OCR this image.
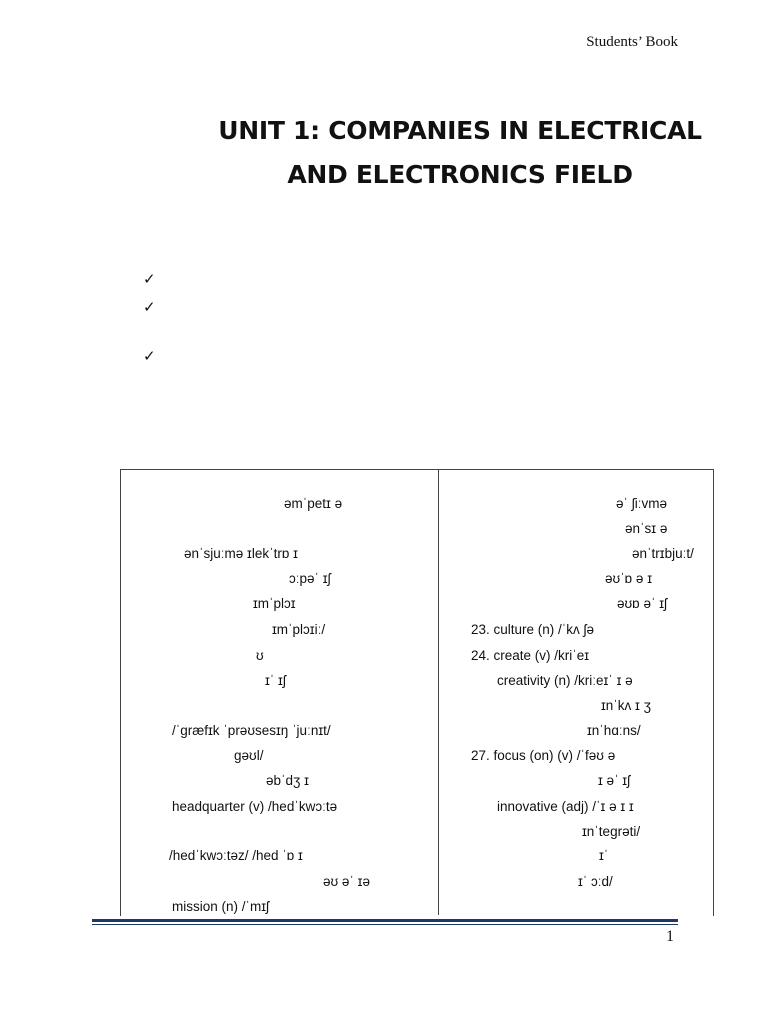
Students’ Book
UNIT 1: COMPANIES IN ELECTRICAL
AND ELECTRONICS FIELD
✓
✓
✓
əmˈpetɪ ə
ənˈsjuːmə ɪlekˈtrɒ ɪ
ɔːpəˈ ɪʃ
ɪmˈplɔɪ
ɪmˈplɔɪiː/
ʊ
ɪˈ ɪʃ
/ˈgræfɪk ˈprəʊsesɪŋ ˈjuːnɪt/
gəʊl/
əbˈdʒ ɪ
headquarter (v) /hedˈkwɔːtə
/hedˈkwɔːtəz/ /hed ˈɒ ɪ
əʊ əˈ ɪə
mission (n) /ˈmɪʃ
əˈ ʃiːvmə
ənˈsɪ ə
ənˈtrɪbjuːt/
əʊˈɒ ə ɪ
əʊɒ əˈ ɪʃ
23. culture (n) /ˈkʌ ʃə
24. create (v) /kriˈeɪ
creativity (n) /kriːeɪˈ ɪ ə
ɪnˈkʌ ɪ ʒ
ɪnˈhɑːns/
27. focus (on) (v) /ˈfəʊ ə
ɪ əˈ ɪʃ
innovative (adj) /ˈɪ ə ɪ ɪ
ɪnˈtegrəti/
ɪˈ
ɪˈ ɔːd/
1
